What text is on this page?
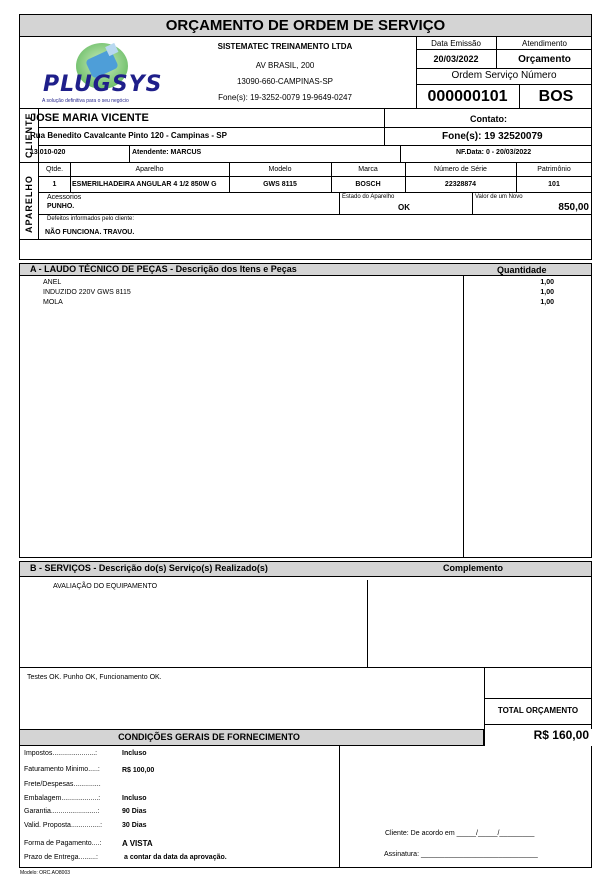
ORÇAMENTO DE ORDEM DE SERVIÇO
PLUGSYS
A solução definitiva para o seu negócio
SISTEMATEC TREINAMENTO LTDA
AV BRASIL, 200
13090-660-CAMPINAS-SP
Fone(s): 19-3252-0079 19-9649-0247
Data Emissão
20/03/2022
Atendimento
Orçamento
Ordem Serviço Número
000000101	BOS
CLIENTE
JOSE MARIA VICENTE	Contato:
Rua Benedito Cavalcante Pinto 120 - Campinas - SP	Fone(s): 19 32520079
13.010-020	Atendente: MARCUS	NF.Data: 0 - 20/03/2022
APARELHO
Qtde.	Aparelho	Modelo	Marca	Número de Série	Patrimônio
1	ESMERILHADEIRA ANGULAR 4 1/2 850W G	GWS 8115	BOSCH	22328874	101
Acessorios
PUNHO.
Estado do Aparelho
OK
Valor de um Novo
850,00
Defeitos informados pelo cliente:
NÃO FUNCIONA. TRAVOU.
A - LAUDO TÉCNICO DE PEÇAS - Descrição dos Itens e Peças	Quantidade
ANEL	1,00
INDUZIDO 220V GWS 8115	1,00
MOLA	1,00
B - SERVIÇOS - Descrição do(s) Serviço(s) Realizado(s)	Complemento
AVALIAÇÃO DO EQUIPAMENTO
Testes OK. Punho OK, Funcionamento OK.
TOTAL ORÇAMENTO
R$ 160,00
CONDIÇÕES GERAIS DE FORNECIMENTO
Impostos......................:	Incluso
Faturamento Minimo.....:	R$ 100,00
Frete/Despesas..............
Embalagem...................:	Incluso
Garantia........................:	90 Dias
Valid. Proposta...............:	30 Dias
Forma de Pagamento....:	A VISTA
Prazo de Entrega.........:	a contar da data da aprovação.
Cliente: De acordo em _____/_____/_________
Assinatura: ______________________________
Modelo: ORC.AO8003
